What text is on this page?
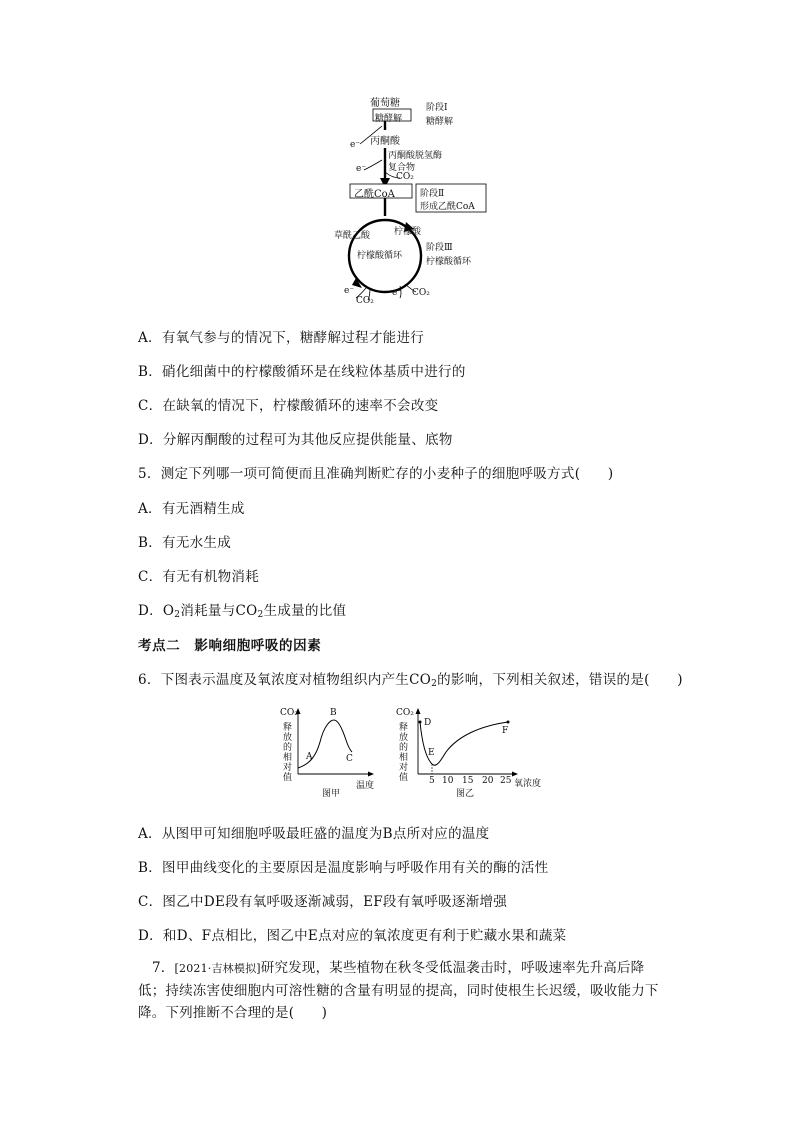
葡萄糖
糖酵解
阶段Ⅰ
糖酵解
e⁻ 丙酮酸
丙酮酸脱氢酶
复合物
e⁻
CO₂
乙酰CoA	阶段Ⅱ
形成乙酰CoA
草酰乙酸	柠檬酸
柠檬酸循环
阶段Ⅲ
柠檬酸循环
e⁻
CO₂
e⁻ CO₂
A．有氧气参与的情况下，糖酵解过程才能进行
B．硝化细菌中的柠檬酸循环是在线粒体基质中进行的
C．在缺氧的情况下，柠檬酸循环的速率不会改变
D．分解丙酮酸的过程可为其他反应提供能量、底物
5．测定下列哪一项可简便而且准确判断贮存的小麦种子的细胞呼吸方式(　　)
A．有无酒精生成
B．有无水生成
C．有无有机物消耗
D．$O_2$消耗量与$CO_2$生成量的比值
考点二　影响细胞呼吸的因素
6．下图表示温度及氧浓度对植物组织内产生$CO_2$的影响，下列相关叙述，错误的是(　　)
CO₂
释
放
的
相
对
值
A
B
C
温度
图甲
CO₂
释
放
的
相
对
值
D
E
F
5 10 15 20 25 氧浓度
图乙
A．从图甲可知细胞呼吸最旺盛的温度为B点所对应的温度
B．图甲曲线变化的主要原因是温度影响与呼吸作用有关的酶的活性
C．图乙中DE段有氧呼吸逐渐减弱，EF段有氧呼吸逐渐增强
D．和D、F点相比，图乙中E点对应的氧浓度更有利于贮藏水果和蔬菜
7．[2021·吉林模拟]研究发现，某些植物在秋冬受低温袭击时，呼吸速率先升高后降低；持续冻害使细胞内可溶性糖的含量有明显的提高，同时使根生长迟缓，吸收能力下降。下列推断不合理的是(　　)
